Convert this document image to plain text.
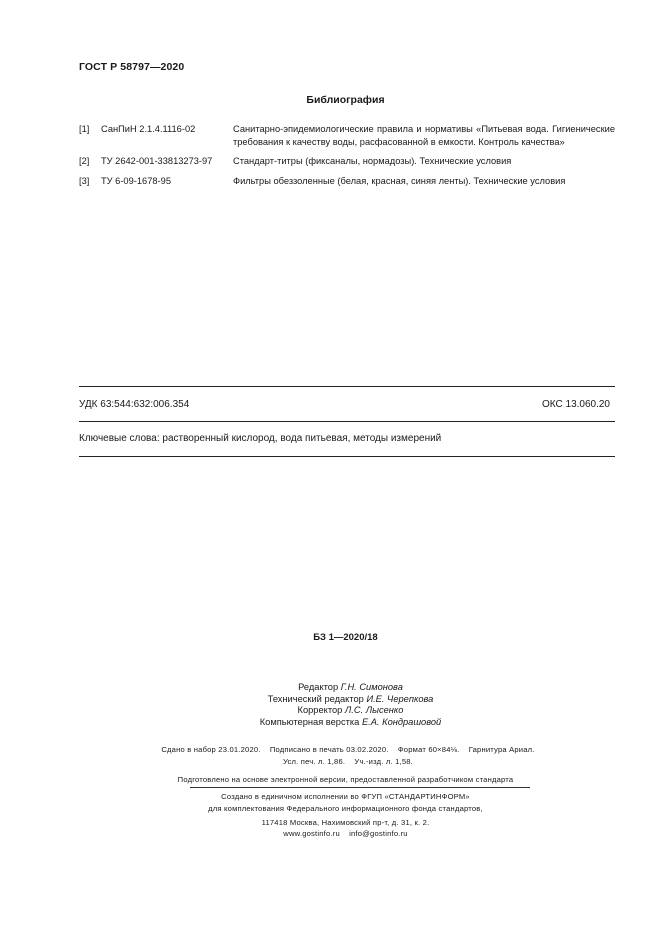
ГОСТ Р 58797—2020
Библиография
[1]	СанПиН 2.1.4.1116-02	Санитарно-эпидемиологические правила и нормативы «Питьевая вода. Гигиенические требования к качеству воды, расфасованной в емкости. Контроль качества»
[2]	ТУ 2642-001-33813273-97	Стандарт-титры (фиксаналы, нормадозы). Технические условия
[3]	ТУ 6-09-1678-95	Фильтры обеззоленные (белая, красная, синяя ленты). Технические условия
УДК 63:544:632:006.354	ОКС 13.060.20
Ключевые слова: растворенный кислород, вода питьевая, методы измерений
БЗ 1—2020/18
Редактор Г.Н. Симонова
Технический редактор И.Е. Черепкова
Корректор Л.С. Лысенко
Компьютерная верстка Е.А. Кондрашовой
Сдано в набор 23.01.2020.    Подписано в печать 03.02.2020.    Формат 60×84⅛.    Гарнитура Ариал.
Усл. печ. л. 1,86.    Уч.-изд. л. 1,58.
Подготовлено на основе электронной версии, предоставленной разработчиком стандарта
Создано в единичном исполнении во ФГУП «СТАНДАРТИНФОРМ»
для комплектования Федерального информационного фонда стандартов,
117418 Москва, Нахимовский пр-т, д. 31, к. 2.
www.gostinfo.ru    info@gostinfo.ru
